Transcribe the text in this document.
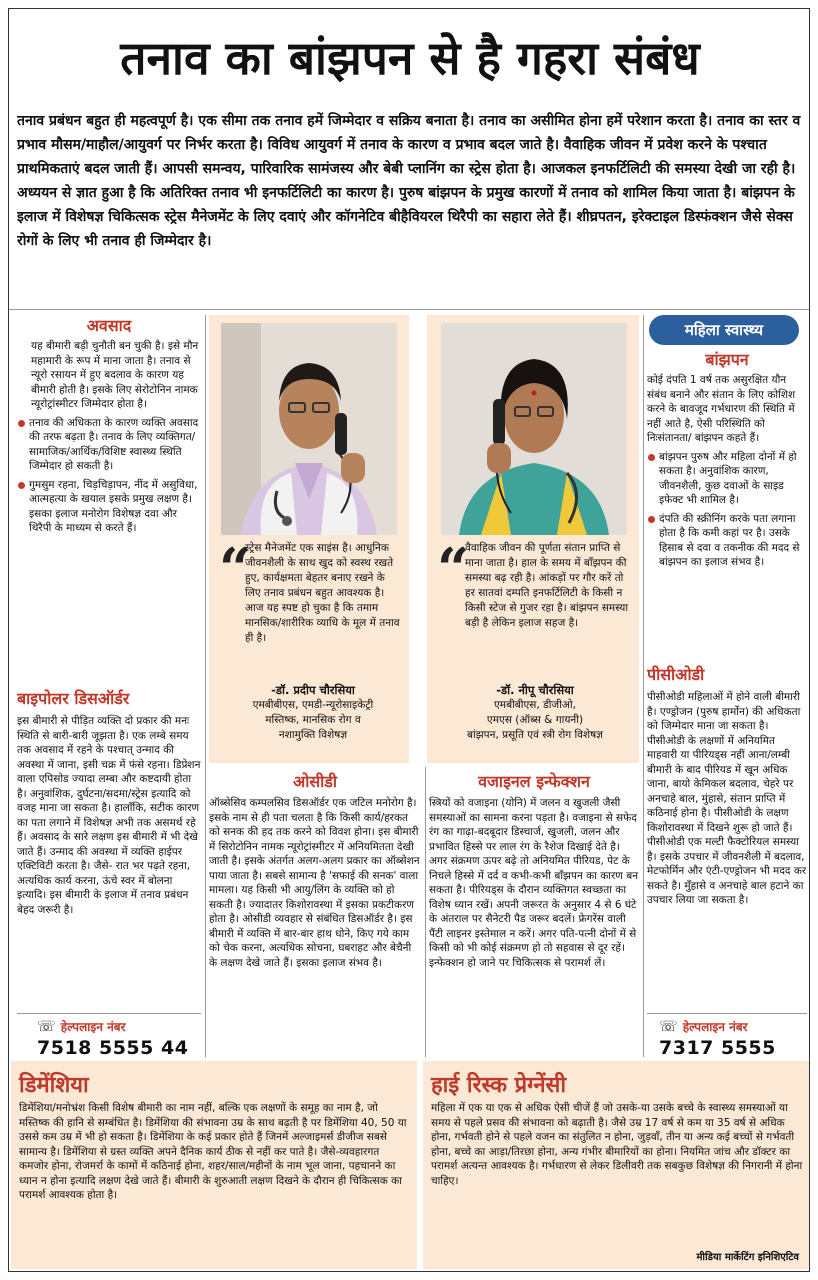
तनाव का बांझपन से है गहरा संबंध

तनाव प्रबंधन बहुत ही महत्वपूर्ण है। एक सीमा तक तनाव हमें जिम्मेदार व सक्रिय बनाता है। तनाव का असीमित होना हमें परेशान करता है। तनाव का स्तर व प्रभाव मौसम/माहौल/आयुवर्ग पर निर्भर करता है। विविध आयुवर्ग में तनाव के कारण व प्रभाव बदल जाते है। वैवाहिक जीवन में प्रवेश करने के पश्चात प्राथमिकताएं बदल जाती हैं। आपसी समन्वय, पारिवारिक सामंजस्य और बेबी प्लानिंग का स्ट्रेस होता है। आजकल इनफर्टिलिटी की समस्या देखी जा रही है। अध्ययन से ज्ञात हुआ है कि अतिरिक्त तनाव भी इनफर्टिलिटी का कारण है। पुरुष बांझपन के प्रमुख कारणों में तनाव को शामिल किया जाता है। बांझपन के इलाज में विशेषज्ञ चिकित्सक स्ट्रेस मैनेजमेंट के लिए दवाएं और कॉगनेटिव बीहैवियरल थिरैपी का सहारा लेते हैं। शीघ्रपतन, इरेक्टाइल डिस्फंक्शन जैसे सेक्स रोगों के लिए भी तनाव ही जिम्मेदार है।

अवसाद

यह बीमारी बड़ी चुनौती बन चुकी है। इसे मौन महामारी के रूप में माना जाता है। तनाव से न्यूरो रसायन में हुए बदलाव के कारण यह बीमारी होती है। इसके लिए सेरोटोनिन नामक न्यूरोट्रांस्मीटर जिम्मेदार होता है।

तनाव की अधिकता के कारण व्यक्ति अवसाद की तरफ बढ़ता है। तनाव के लिए व्यक्तिगत/सामाजिक/आर्थिक/विशिष्ट स्वास्थ्य स्थिति जिम्मेदार हो सकती है।
गुमसुम रहना, चिड़चिड़ापन, नींद में असुविधा, आत्महत्या के खयाल इसके प्रमुख लक्षण है। इसका इलाज मनोरोग विशेषज्ञ दवा और थिरैपी के माध्यम से करते हैं।
बाइपोलर डिसऑर्डर

इस बीमारी से पीड़ित व्यक्ति दो प्रकार की मनः स्थिति से बारी-बारी जूझता है। एक लम्बे समय तक अवसाद में रहने के पश्चात् उन्माद की अवस्था में जाना, इसी चक्र में फंसे रहना। डिप्रेशन वाला एपिसोड ज्यादा लम्बा और कष्टदायी होता है। अनुवांशिक, दुर्घटना/सदमा/स्ट्रेस इत्यादि को वजह माना जा सकता है। हालाँकि, सटीक कारण का पता लगाने में विशेषज्ञ अभी तक असमर्थ रहे हैं। अवसाद के सारे लक्षण इस बीमारी में भी देखे जाते हैं। उन्माद की अवस्था में व्यक्ति हाईपर एक्टिविटी करता है। जैसे- रात भर पढ़ते रहना, अत्यधिक कार्य करना, ऊंचे स्वर में बोलना इत्यादि। इस बीमारी के इलाज में तनाव प्रबंधन बेहद जरूरी है।

☏ हेल्पलाइन नंबर
7518 5555 44
“

स्ट्रेस मैनेजमेंट एक साइंस है। आधुनिक जीवनशैली के साथ खुद को स्वस्थ रखते हुए, कार्यक्षमता बेहतर बनाए रखने के लिए तनाव प्रबंधन बहुत आवश्यक है। आज यह स्पष्ट हो चुका है कि तमाम मानसिक/शारीरिक व्याधि के मूल में तनाव ही है।

-डॉ. प्रदीप चौरसिया
एमबीबीएस, एमडी-न्यूरोसाइकेट्री
मस्तिष्क, मानसिक रोग व
नशामुक्ति विशेषज्ञ
“

वैवाहिक जीवन की पूर्णता संतान प्राप्ति से माना जाता है। हाल के समय में बाँझपन की समस्या बढ़ रही है। आंकड़ों पर गौर करें तो हर सातवां दम्पति इनफर्टिलिटी के किसी न किसी स्टेज से गुजर रहा है। बांझपन समस्या बड़ी है लेकिन इलाज सहज है।

-डॉ. नीपू चौरसिया
एमबीबीएस, डीजीओ,
एमएस (ऑब्स & गायनी)
बांझपन, प्रसूति एवं स्त्री रोग विशेषज्ञ
ओसीडी

ऑब्सेसिव कम्पलसिव डिसऑर्डर एक जटिल मनोरोग है। इसके नाम से ही पता चलता है कि किसी कार्य/हरकत को सनक की हद तक करने को विवश होना। इस बीमारी में सिरोटोनिन नामक न्यूरोट्रांस्मीटर में अनियमितता देखी जाती है। इसके अंतर्गत अलग-अलग प्रकार का ऑब्सेशन पाया जाता है। सबसे सामान्य है 'सफाई की सनक' वाला मामला। यह किसी भी आयु/लिंग के व्यक्ति को हो सकती है। ज्यादातर किशोरावस्था में इसका प्रकटीकरण होता है। ओसीडी व्यवहार से संबंधित डिसऑर्डर है। इस बीमारी में व्यक्ति में बार-बार हाथ धोने, किए गये काम को चेक करना, अत्यधिक सोचना, घबराहट और बेचैनी के लक्षण देखे जाते हैं। इसका इलाज संभव है।

वजाइनल इन्फेक्शन

स्त्रियों को वजाइना (योनि) में जलन व खुजली जैसी समस्याओं का सामना करना पड़ता है। वजाइना से सफेद रंग का गाढ़ा-बदबूदार डिस्चार्ज, खुजली, जलन और प्रभावित हिस्से पर लाल रंग के रैशेज दिखाई देते है। अगर संक्रमण ऊपर बढ़े तो अनियमित पीरियड, पेट के निचले हिस्से में दर्द व कभी-कभी बाँझपन का कारण बन सकता है। पीरियड्स के दौरान व्यक्तिगत स्वच्छता का विशेष ध्यान रखें। अपनी जरूरत के अनुसार 4 से 6 घंटे के अंतराल पर सैनेटरी पैड जरूर बदलें। फ्रेगरेंस वाली पैंटी लाइनर इस्तेमाल न करें। अगर पति-पत्नी दोनों में से किसी को भी कोई संक्रमण हो तो सहवास से दूर रहें। इन्फेक्शन हो जाने पर चिकित्सक से परामर्श लें।

महिला स्वास्थ्य
बांझपन

कोई दंपति 1 वर्ष तक असुरक्षित यौन संबंध बनाने और संतान के लिए कोशिश करने के बावजूद गर्भधारण की स्थिति में नहीं आते है, ऐसी परिस्थिति को निःसंतानता/ बांझपन कहते हैं।

बांझपन पुरुष और महिला दोनों में हो सकता है। अनुवांशिक कारण, जीवनशैली, कुछ दवाओं के साइड इफेक्ट भी शामिल है।
दंपति की स्क्रीनिंग करके पता लगाना होता है कि कमी कहां पर है। उसके हिसाब से दवा व तकनीक की मदद से बांझपन का इलाज संभव है।
पीसीओडी

पीसीओडी महिलाओं में होने वाली बीमारी है। एण्ड्रोजन (पुरुष हार्मोन) की अधिकता को जिम्मेदार माना जा सकता है। पीसीओडी के लक्षणों में अनियमित माहवारी या पीरियड्स नहीं आना/लम्बी बीमारी के बाद पीरियड में खून अधिक जाना, बायो केमिकल बदलाव, चेहरे पर अनचाहे बाल, मुंहासे, संतान प्राप्ति में कठिनाई होना है। पीसीओडी के लक्षण किशोरावस्था में दिखने शुरू हो जाते हैं। पीसीओडी एक मल्टी फैक्टोरियल समस्या है। इसके उपचार में जीवनशैली में बदलाव, मेटफोर्मिन और एंटी-एण्ड्रोजन भी मदद कर सकते है। मुँहासे व अनचाहे बाल हटाने का उपचार लिया जा सकता है।

☏ हेल्पलाइन नंबर
7317 5555
डिमेंशिया

डिमेंशिया/मनोभ्रंश किसी विशेष बीमारी का नाम नहीं, बल्कि एक लक्षणों के समूह का नाम है, जो मस्तिष्क की हानि से सम्बंधित है। डिमेंशिया की संभावना उम्र के साथ बढ़ती है पर डिमेंशिया 40, 50 या उससे कम उम्र में भी हो सकता है। डिमेंशिया के कई प्रकार होते हैं जिनमें अल्जाइमर्स डीजीज सबसे सामान्य है। डिमेंशिया से ग्रस्त व्यक्ति अपने दैनिक कार्य ठीक से नहीं कर पाते है। जैसे-व्यवहारगत कमजोर होना, रोजमर्रा के कामों में कठिनाई होना, शहर/साल/महीनों के नाम भूल जाना, पहचानने का ध्यान न होना इत्यादि लक्षण देखे जाते हैं। बीमारी के शुरुआती लक्षण दिखने के दौरान ही चिकित्सक का परामर्श आवश्यक होता है।

हाई रिस्क प्रेग्नेंसी

महिला में एक या एक से अधिक ऐसी चीजें हैं जो उसके-या उसके बच्चे के स्वास्थ्य समस्याओं या समय से पहले प्रसव की संभावना को बढ़ाती है। जैसे उम्र 17 वर्ष से कम या 35 वर्ष से अधिक होना, गर्भवती होने से पहले वजन का संतुलित न होना, जुड़वाँ, तीन या अन्य कई बच्चों से गर्भवती होना, बच्चे का आड़ा/तिरछा होना, अन्य गंभीर बीमारियों का होना। नियमित जांच और डॉक्टर का परामर्श अत्यन्त आवश्यक है। गर्भधारण से लेकर डिलीवरी तक सबकुछ विशेषज्ञ की निगरानी में होना चाहिए।

मीडिया मार्केटिंग इनिशिएटिव
